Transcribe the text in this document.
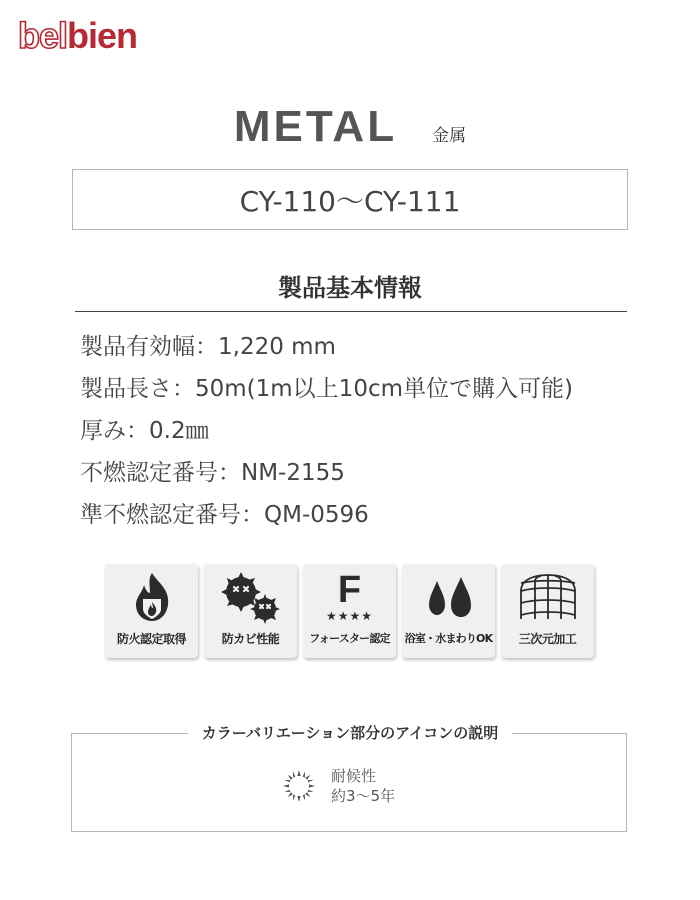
belbien
METAL 金属
CY-110〜CY-111
製品基本情報
製品有効幅：1,220 mm
製品長さ：50m(1m以上10cm単位で購入可能)
厚み：0.2㎜
不燃認定番号：NM-2155
準不燃認定番号：QM-0596
防火認定取得	防カビ性能
F
★★★★
フォースター認定 浴室・水まわりOK 三次元加工
カラーバリエーション部分のアイコンの説明
耐候性
約3〜5年
